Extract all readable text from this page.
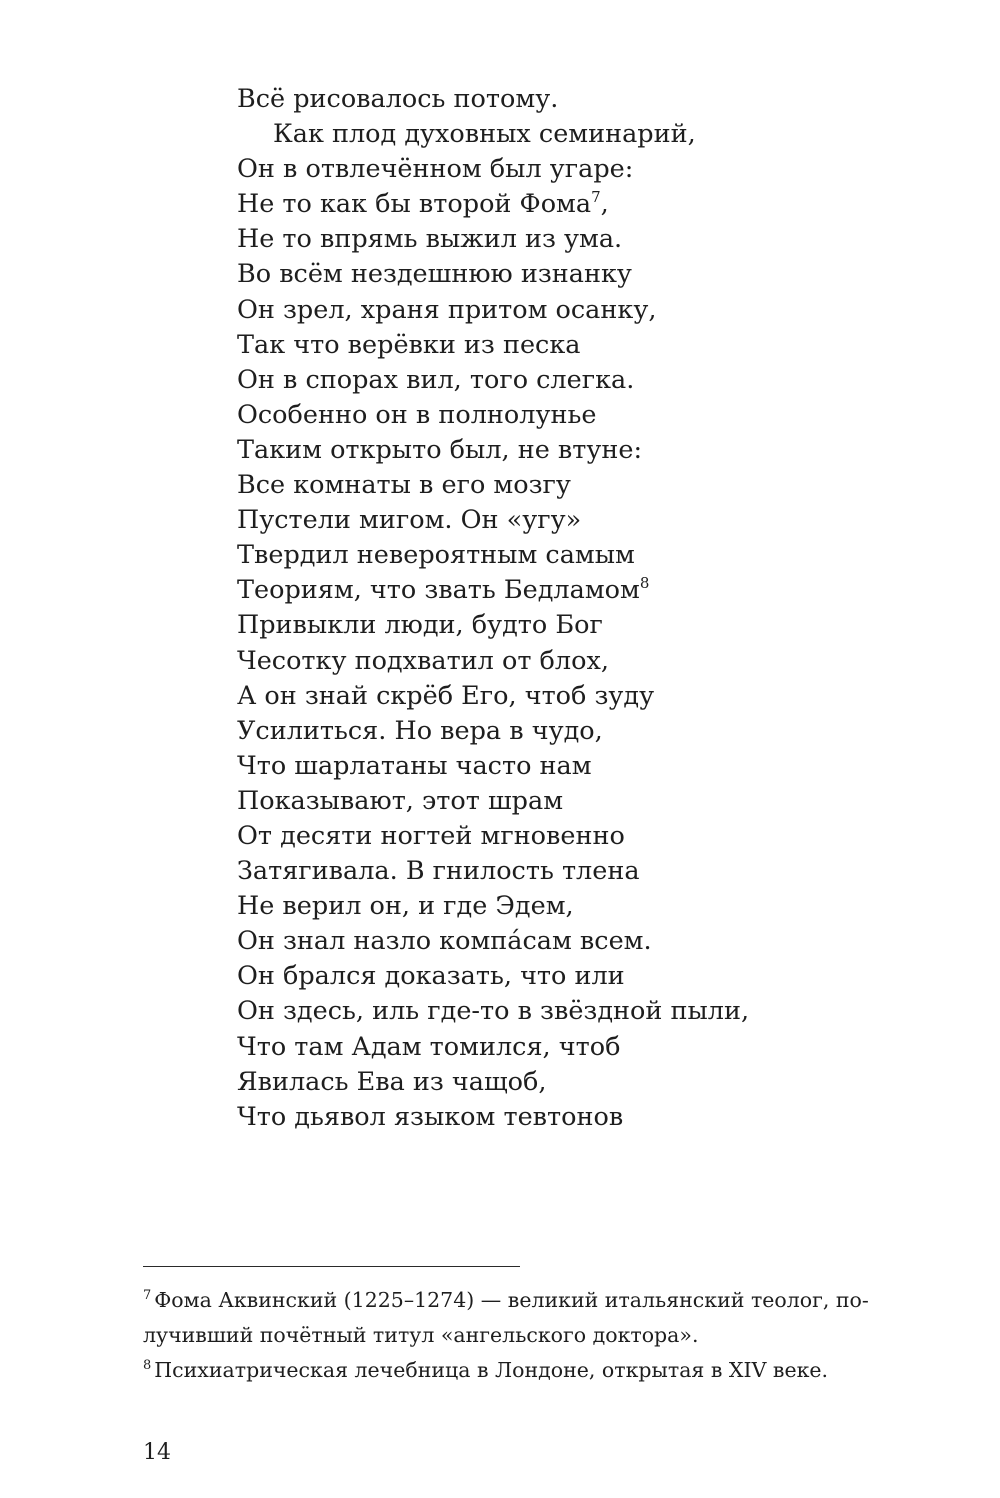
Всё рисовалось потому.
Как плод духовных семинарий,
Он в отвлечённом был угаре:
Не то как бы второй Фома$^7$,
Не то впрямь выжил из ума.
Во всём нездешнюю изнанку
Он зрел, храня притом осанку,
Так что верёвки из песка
Он в спорах вил, того слегка.
Особенно он в полнолунье
Таким открыто был, не втуне:
Все комнаты в его мозгу
Пустели мигом. Он «угу»
Твердил невероятным самым
Теориям, что звать Бедламом$^8$
Привыкли люди, будто Бог
Чесотку подхватил от блох,
А он знай скрёб Его, чтоб зуду
Усилиться. Но вера в чудо,
Что шарлатаны часто нам
Показывают, этот шрам
От десяти ногтей мгновенно
Затягивала. В гнилость тлена
Не верил он, и где Эдем,
Он знал назло компáсам всем.
Он брался доказать, что или
Он здесь, иль где-то в звёздной пыли,
Что там Адам томился, чтоб
Явилась Ева из чащоб,
Что дьявол языком тевтонов
$^7$ Фома Аквинский (1225–1274) — великий итальянский теолог, по-
лучивший почётный титул «ангельского доктора».
$^8$ Психиатрическая лечебница в Лондоне, открытая в XIV веке.
14
